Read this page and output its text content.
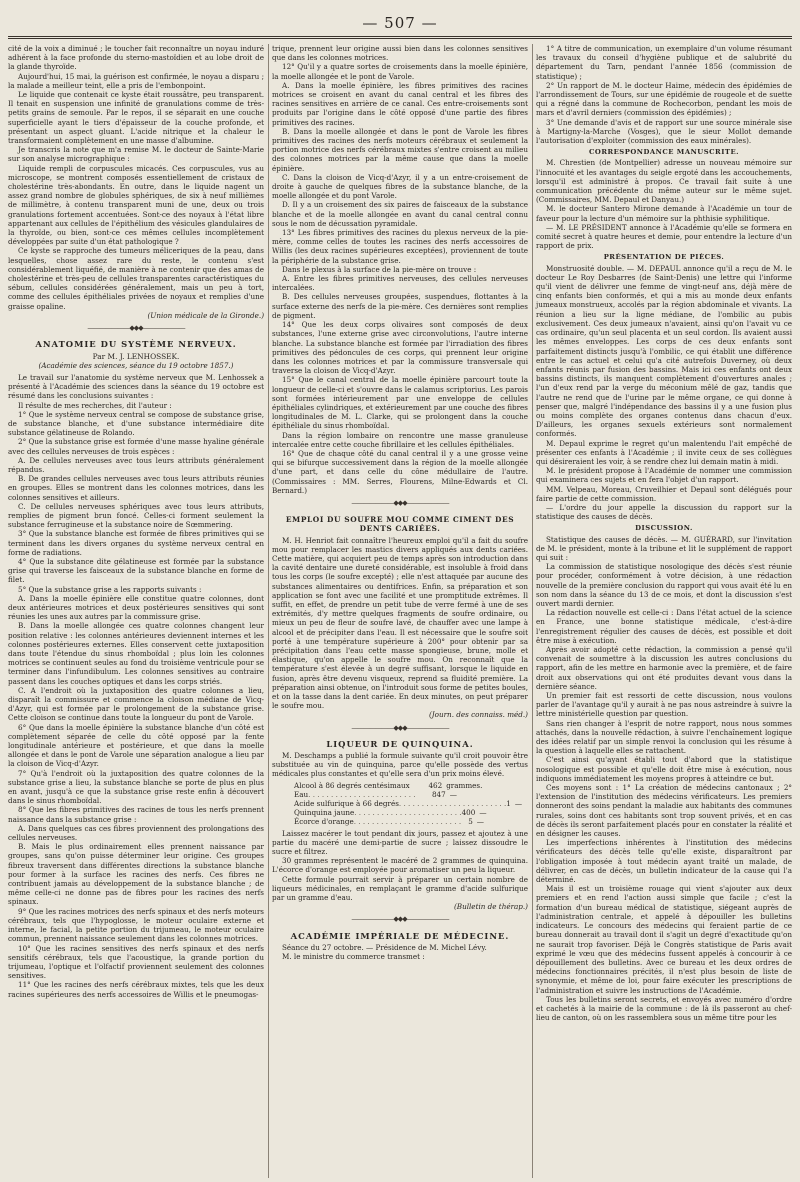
— 507 —

cité de la voix a diminué ; le toucher fait reconnaître un noyau induré adhérent à la face profonde du sterno-mastoïdien et au lobe droit de la glande thyroïde.

Aujourd'hui, 15 mai, la guérison est confirmée, le noyau a disparu ; la malade a meilleur teint, elle a pris de l'embonpoint.

Le liquide que contenait ce kyste était roussâtre, peu transparent. Il tenait en suspension une infinité de granulations comme de très-petits grains de semoule. Par le repos, il se séparait en une couche superficielle ayant le tiers d'épaisseur de la couche profonde, et présentant un aspect gluant. L'acide nitrique et la chaleur le transformaient complètement en une masse d'albumine.

Je transcris la note que m'a remise M. le docteur de Sainte-Marie sur son analyse micrographique :

Liquide rempli de corpuscules micacés. Ces corpuscules, vus au microscope, se montrent composés essentiellement de cristaux de cholestérine très-abondants. En outre, dans le liquide nagent un assez grand nombre de globules sphériques, de six à neuf millièmes de millimètre, à contenu transparent muni de une, deux ou trois granulations fortement accentuées. Sont-ce des noyaux à l'état libre appartenant aux cellules de l'épithélium des vésicules glandulaires de la thyroïde, ou bien, sont-ce ces mêmes cellules incomplètement développées par suite d'un état pathologique ?

Ce kyste se rapproche des tumeurs méliceriques de la peau, dans lesquelles, chose assez rare du reste, le contenu s'est considérablement liquéfié, de manière à ne contenir que des amas de cholestérine et très-peu de cellules transparentes caractéristiques du sébum, cellules considérées généralement, mais un peu à tort, comme des cellules épithéliales privées de noyaux et remplies d'une graisse opaline.

(Union médicale de la Gironde.)

———————◆◆◆———————

ANATOMIE DU SYSTÈME NERVEUX.

Par M. J. LENHOSSEK.

(Académie des sciences, séance du 19 octobre 1857.)

Le travail sur l'anatomie du système nerveux que M. Lenhossek a présenté à l'Académie des sciences dans la séance du 19 octobre est résumé dans les conclusions suivantes :

Il résulte de mes recherches, dit l'auteur :

1° Que le système nerveux central se compose de substance grise, de substance blanche, et d'une substance intermédiaire dite substance gélatineuse de Rolando.

2° Que la substance grise est formée d'une masse hyaline générale avec des cellules nerveuses de trois espèces :

A. De cellules nerveuses avec tous leurs attributs généralement répandus.

B. De grandes cellules nerveuses avec tous leurs attributs réunies en groupes. Elles se montrent dans les colonnes motrices, dans les colonnes sensitives et ailleurs.

C. De cellules nerveuses sphériques avec tous leurs attributs, remplies de pigment brun foncé. Celles-ci forment seulement la substance ferrugineuse et la substance noire de Sœmmering.

3° Que la substance blanche est formée de fibres primitives qui se terminent dans les divers organes du système nerveux central en forme de radiations.

4° Que la substance dite gélatineuse est formée par la substance grise qui traverse les faisceaux de la substance blanche en forme de filet.

5° Que la substance grise a les rapports suivants :

A. Dans la moelle épinière elle constitue quatre colonnes, dont deux antérieures motrices et deux postérieures sensitives qui sont réunies les unes aux autres par la commissure grise.

B. Dans la moelle allongée ces quatre colonnes changent leur position relative : les colonnes antérieures deviennent internes et les colonnes postérieures externes. Elles conservent cette juxtaposition dans toute l'étendue du sinus rhomboïdal ; plus loin les colonnes motrices se continuent seules au fond du troisième ventricule pour se terminer dans l'infundibulum. Les colonnes sensitives au contraire passent dans les couches optiques et dans les corps striés.

C. A l'endroit où la juxtaposition des quatre colonnes a lieu, disparaît la commissure et commence la cloison médiane de Vicq-d'Azyr, qui est formée par le prolongement de la substance grise. Cette cloison se continue dans toute la longueur du pont de Varole.

6° Que dans la moelle épinière la substance blanche d'un côté est complètement séparée de celle du côté opposé par la fente longitudinale antérieure et postérieure, et que dans la moelle allongée et dans le pont de Varole une séparation analogue a lieu par la cloison de Vicq-d'Azyr.

7° Qu'à l'endroit où la juxtaposition des quatre colonnes de la substance grise a lieu, la substance blanche se porte de plus en plus en avant, jusqu'à ce que la substance grise reste enfin à découvert dans le sinus rhomboïdal.

8° Que les fibres primitives des racines de tous les nerfs prennent naissance dans la substance grise :

A. Dans quelques cas ces fibres proviennent des prolongations des cellules nerveuses.

B. Mais le plus ordinairement elles prennent naissance par groupes, sans qu'on puisse déterminer leur origine. Ces groupes fibreux traversent dans différentes directions la substance blanche pour former à la surface les racines des nerfs. Ces fibres ne contribuent jamais au développement de la substance blanche ; de même celle-ci ne donne pas de fibres pour les racines des nerfs spinaux.

9° Que les racines motrices des nerfs spinaux et des nerfs moteurs cérébraux, tels que l'hypoglosse, le moteur oculaire externe et interne, le facial, la petite portion du trijumeau, le moteur oculaire commun, prennent naissance seulement dans les colonnes motrices.

10° Que les racines sensitives des nerfs spinaux et des nerfs sensitifs cérébraux, tels que l'acoustique, la grande portion du trijumeau, l'optique et l'olfactif proviennent seulement des colonnes sensitives.

11° Que les racines des nerfs cérébraux mixtes, tels que les deux racines supérieures des nerfs accessoires de Willis et le pneumogas-

trique, prennent leur origine aussi bien dans les colonnes sensitives que dans les colonnes motrices.

12° Qu'il y a quatre sortes de croisements dans la moelle épinière, la moelle allongée et le pont de Varole.

A. Dans la moelle épinière, les fibres primitives des racines motrices se croisent en avant du canal central et les fibres des racines sensitives en arrière de ce canal. Ces entre-croisements sont produits par l'origine dans le côté opposé d'une partie des fibres primitives des racines.

B. Dans la moelle allongée et dans le pont de Varole les fibres primitives des racines des nerfs moteurs cérébraux et seulement la portion motrice des nerfs cérébraux mixtes s'entre croisent au milieu des colonnes motrices par la même cause que dans la moelle épinière.

C. Dans la cloison de Vicq-d'Azyr, il y a un entre-croisement de droite à gauche de quelques fibres de la substance blanche, de la moelle allongée et du pont Varole.

D. Il y a un croisement des six paires de faisceaux de la substance blanche et de la moelle allongée en avant du canal central connu sous le nom de décussation pyramidale.

13° Les fibres primitives des racines du plexus nerveux de la pie-mère, comme celles de toutes les racines des nerfs accessoires de Willis (les deux racines supérieures exceptées), proviennent de toute la périphérie de la substance grise.

Dans le plexus à la surface de la pie-mère on trouve :

A. Entre les fibres primitives nerveuses, des cellules nerveuses intercalées.

B. Des cellules nerveuses groupées, suspendues, flottantes à la surface externe des nerfs de la pie-mère. Ces dernières sont remplies de pigment.

14° Que les deux corps olivaires sont composés de deux substances, l'une externe grise avec circonvolutions, l'autre interne blanche. La substance blanche est formée par l'irradiation des fibres primitives des pédoncules de ces corps, qui prennent leur origine dans les colonnes motrices et par la commissure transversale qui traverse la cloison de Vicq-d'Azyr.

15° Que le canal central de la moelle épinière parcourt toute la longueur de celle-ci et s'ouvre dans le calamus scriptorius. Les parois sont formées intérieurement par une enveloppe de cellules épithéliales cylindriques, et extérieurement par une couche des fibres longitudinales de M. L. Clarke, qui se prolongent dans la couche épithéliale du sinus rhomboïdal.

Dans la région lombaire on rencontre une masse granuleuse intercalée entre cette couche fibrillaire et les cellules épithéliales.

16° Que de chaque côté du canal central il y a une grosse veine qui se bifurque successivement dans la région de la moelle allongée d'une part, et dans celle du cône médullaire de l'autre. (Commissaires : MM. Serres, Flourens, Milne-Edwards et Cl. Bernard.)

———————◆◆◆———————

EMPLOI DU SOUFRE MOU COMME CIMENT DES DENTS CARIÉES.

M. H. Henriot fait connaître l'heureux emploi qu'il a fait du soufre mou pour remplacer les mastics divers appliqués aux dents cariées. Cette matière, qui acquiert peu de temps après son introduction dans la cavité dentaire une dureté considérable, est insoluble à froid dans tous les corps (le soufre excepté) ; elle n'est attaquée par aucune des substances alimentaires ou dentifrices. Enfin, sa préparation et son application se font avec une facilité et une promptitude extrêmes. Il suffit, en effet, de prendre un petit tube de verre fermé à une de ses extrémités, d'y mettre quelques fragments de soufre ordinaire, ou mieux un peu de fleur de soufre lavé, de chauffer avec une lampe à alcool et de précipiter dans l'eau. Il est nécessaire que le soufre soit porté à une température supérieure à 200° pour obtenir par sa précipitation dans l'eau cette masse spongieuse, brune, molle et élastique, qu'on appelle le soufre mou. On reconnaît que la température s'est élevée à un degré suffisant, lorsque le liquide en fusion, après être devenu visqueux, reprend sa fluidité première. La préparation ainsi obtenue, on l'introduit sous forme de petites boules, et on la tasse dans la dent cariée. En deux minutes, on peut préparer le soufre mou.

(Journ. des connaiss. méd.)

———————◆◆◆———————

LIQUEUR DE QUINQUINA.

M. Deschamps a publié la formule suivante qu'il croit pouvoir être substituée au vin de quinquina, parce qu'elle possède des vertus médicales plus constantes et qu'elle sera d'un prix moins élevé.

Alcool à 86 degrés centésimaux	462 grammes.
Eau . . . . . . . . . . . . . . . . . . . . . . . .	847 —
Acide sulfurique à 66 degrés . . . . . . . . . . . . . . . . . . . . . . . . 1 —
Quinquina jaune . . . . . . . . . . . . . . . . . . . . . . . . 400 —
Écorce d'orange . . . . . . . . . . . . . . . . . . . . . . . . 5 —

Laissez macérer le tout pendant dix jours, passez et ajoutez à une partie du macéré une demi-partie de sucre ; laissez dissoudre le sucre et filtrez.

30 grammes représentent le macéré de 2 grammes de quinquina. L'écorce d'orange est employée pour aromatiser un peu la liqueur.

Cette formule pourrait servir à préparer un certain nombre de liqueurs médicinales, en remplaçant le gramme d'acide sulfurique par un gramme d'eau.

(Bulletin de thérap.)

———————◆◆◆———————

ACADÉMIE IMPÉRIALE DE MÉDECINE.

Séance du 27 octobre. — Présidence de M. Michel Lévy.

M. le ministre du commerce transmet :

1° A titre de communication, un exemplaire d'un volume résumant les travaux du conseil d'hygiène publique et de salubrité du département du Tarn, pendant l'année 1856 (commission de statistique) ;

2° Un rapport de M. le docteur Haime, médecin des épidémies de l'arrondissement de Tours, sur une épidémie de rougeole et de suette qui a régné dans la commune de Rochecorbon, pendant les mois de mars et d'avril derniers (commission des épidémies) ;

3° Une demande d'avis et de rapport sur une source minérale sise à Martigny-la-Marche (Vosges), que le sieur Mollot demande l'autorisation d'exploiter (commission des eaux minérales).

CORRESPONDANCE MANUSCRITE.

M. Chrestien (de Montpellier) adresse un nouveau mémoire sur l'innocuité et les avantages du seigle ergoté dans les accouchements, lorsqu'il est administré à propos. Ce travail fait suite à une communication précédente du même auteur sur le même sujet. (Commissaires, MM. Depaul et Danyau.)

M. le docteur Santero Mirone demande à l'Académie un tour de faveur pour la lecture d'un mémoire sur la phthisie syphilitique.

— M. LE PRÉSIDENT annonce à l'Académie qu'elle se formera en comité secret à quatre heures et demie, pour entendre la lecture d'un rapport de prix.

PRÉSENTATION DE PIÈCES.

Monstruosité double. — M. DEPAUL annonce qu'il a reçu de M. le docteur Le Roy Desbarres (de Saint-Denis) une lettre qui l'informe qu'il vient de délivrer une femme de vingt-neuf ans, déjà mère de cinq enfants bien conformés, et qui a mis au monde deux enfants jumeaux monstrueux, accolés par la région abdominale et vivants. La réunion a lieu sur la ligne médiane, de l'ombilic au pubis exclusivement. Ces deux jumeaux n'avaient, ainsi qu'on l'avait vu ce cas ordinaire, qu'un seul placenta et un seul cordon. Ils avaient aussi les mêmes enveloppes. Les corps de ces deux enfants sont parfaitement distincts jusqu'à l'ombilic, ce qui établit une différence entre le cas actuel et celui qu'a cité autrefois Duverney, où deux enfants réunis par fusion des bassins. Mais ici ces enfants ont deux bassins distincts, ils manquent complètement d'ouvertures anales ; l'un d'eux rend par la verge du méconium mêlé de gaz, tandis que l'autre ne rend que de l'urine par le même organe, ce qui donne à penser que, malgré l'indépendance des bassins il y a une fusion plus ou moins complète des organes contenus dans chacun d'eux. D'ailleurs, les organes sexuels extérieurs sont normalement conformés.

M. Depaul exprime le regret qu'un malentendu l'ait empêché de présenter ces enfants à l'Académie ; il invite ceux de ses collègues qui désireraient les voir, à se rendre chez lui demain matin à midi.

M. le président propose à l'Académie de nommer une commission qui examinera ces sujets et en fera l'objet d'un rapport.

MM. Velpeau, Moreau, Cruveilhier et Depaul sont délégués pour faire partie de cette commission.

— L'ordre du jour appelle la discussion du rapport sur la statistique des causes de décès.

DISCUSSION.

Statistique des causes de décès. — M. GUÉRARD, sur l'invitation de M. le président, monte à la tribune et lit le supplément de rapport qui suit :

La commission de statistique nosologique des décès s'est réunie pour procéder, conformément à votre décision, à une rédaction nouvelle de la première conclusion du rapport qui vous avait été lu en son nom dans la séance du 13 de ce mois, et dont la discussion s'est ouvert mardi dernier.

La rédaction nouvelle est celle-ci : Dans l'état actuel de la science en France, une bonne statistique médicale, c'est-à-dire l'enregistrement régulier des causes de décès, est possible et doit être mise à exécution.

Après avoir adopté cette rédaction, la commission a pensé qu'il convenait de soumettre à la discussion les autres conclusions du rapport, afin de les mettre en harmonie avec la première, et de faire droit aux observations qui ont été produites devant vous dans la dernière séance.

Un premier fait est ressorti de cette discussion, nous voulons parler de l'avantage qu'il y aurait à ne pas nous astreindre à suivre la lettre ministérielle question par question.

Sans rien changer à l'esprit de notre rapport, nous nous sommes attachés, dans la nouvelle rédaction, à suivre l'enchaînement logique des idées relatif par un simple renvoi la conclusion qui les résume à la question à laquelle elles se rattachent.

C'est ainsi qu'ayant établi tout d'abord que la statistique nosologique est possible et qu'elle doit être mise à exécution, nous indiquons immédiatement les moyens propres à atteindre ce but.

Ces moyens sont : 1° La création de médecins cantonaux ; 2° l'extension de l'institution des médecins vérificateurs. Les premiers donneront des soins pendant la maladie aux habitants des communes rurales, soins dont ces habitants sont trop souvent privés, et en cas de décès ils seront parfaitement placés pour en constater la réalité et en désigner les causes.

Les imperfections inhérentes à l'institution des médecins vérificateurs des décès telle qu'elle existe, disparaîtront par l'obligation imposée à tout médecin ayant traité un malade, de délivrer, en cas de décès, un bulletin indicateur de la cause qui l'a déterminé.

Mais il est un troisième rouage qui vient s'ajouter aux deux premiers et en rend l'action aussi simple que facile ; c'est la formation d'un bureau médical de statistique, siégeant auprès de l'administration centrale, et appelé à dépouiller les bulletins indicateurs. Le concours des médecins qui feraient partie de ce bureau donnerait au travail dont il s'agit un degré d'exactitude qu'on ne saurait trop favoriser. Déjà le Congrès statistique de Paris avait exprimé le vœu que des médecins fussent appelés à concourir à ce dépouillement des bulletins. Avec ce bureau et les deux ordres de médecins fonctionnaires précités, il n'est plus besoin de liste de synonymie, et même de loi, pour faire exécuter les prescriptions de l'administration et suivre les instructions de l'Académie.

Tous les bulletins seront secrets, et envoyés avec numéro d'ordre et cachetés à la mairie de la commune : de là ils passeront au chef-lieu de canton, où on les rassemblera sous un même titre pour les
